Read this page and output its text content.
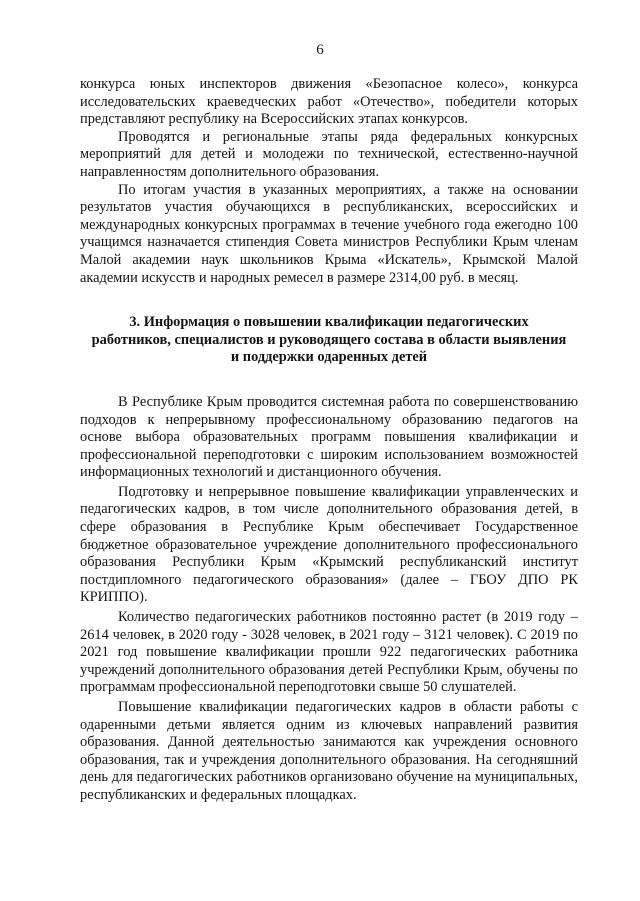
6

конкурса юных инспекторов движения «Безопасное колесо», конкурса исследовательских краеведческих работ «Отечество», победители которых представляют республику на Всероссийских этапах конкурсов.

Проводятся и региональные этапы ряда федеральных конкурсных мероприятий для детей и молодежи по технической, естественно-научной направленностям дополнительного образования.

По итогам участия в указанных мероприятиях, а также на основании результатов участия обучающихся в республиканских, всероссийских и международных конкурсных программах в течение учебного года ежегодно 100 учащимся назначается стипендия Совета министров Республики Крым членам Малой академии наук школьников Крыма «Искатель», Крымской Малой академии искусств и народных ремесел в размере 2314,00 руб. в месяц.

3. Информация о повышении квалификации педагогических
работников, специалистов и руководящего состава в области выявления
и поддержки одаренных детей

В Республике Крым проводится системная работа по совершенствованию подходов к непрерывному профессиональному образованию педагогов на основе выбора образовательных программ повышения квалификации и профессиональной переподготовки с широким использованием возможностей информационных технологий и дистанционного обучения.

Подготовку и непрерывное повышение квалификации управленческих и педагогических кадров, в том числе дополнительного образования детей, в сфере образования в Республике Крым обеспечивает Государственное бюджетное образовательное учреждение дополнительного профессионального образования Республики Крым «Крымский республиканский институт постдипломного педагогического образования» (далее – ГБОУ ДПО РК КРИППО).

Количество педагогических работников постоянно растет (в 2019 году – 2614 человек, в 2020 году - 3028 человек, в 2021 году – 3121 человек). С 2019 по 2021 год повышение квалификации прошли 922 педагогических работника учреждений дополнительного образования детей Республики Крым, обучены по программам профессиональной переподготовки свыше 50 слушателей.

Повышение квалификации педагогических кадров в области работы с одаренными детьми является одним из ключевых направлений развития образования. Данной деятельностью занимаются как учреждения основного образования, так и учреждения дополнительного образования. На сегодняшний день для педагогических работников организовано обучение на муниципальных, республиканских и федеральных площадках.
